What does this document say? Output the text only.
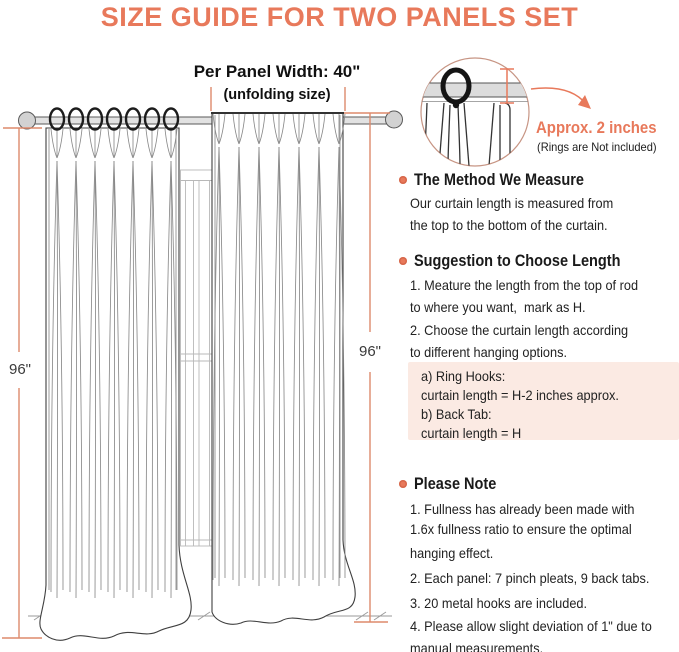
SIZE GUIDE FOR TWO PANELS SET
Per Panel Width: 40"
(unfolding size)
96"
96"
Approx. 2 inches
(Rings are Not included)
The Method We Measure
Our curtain length is measured from
the top to the bottom of the curtain.
Suggestion to Choose Length
1. Meature the length from the top of rod
to where you want,  mark as H.
2. Choose the curtain length according
to different hanging options.
a) Ring Hooks:
curtain length = H-2 inches approx.
b) Back Tab:
curtain length = H
Please Note
1. Fullness has already been made with
1.6x fullness ratio to ensure the optimal
hanging effect.
2. Each panel: 7 pinch pleats, 9 back tabs.
3. 20 metal hooks are included.
4. Please allow slight deviation of 1" due to
manual measurements.
